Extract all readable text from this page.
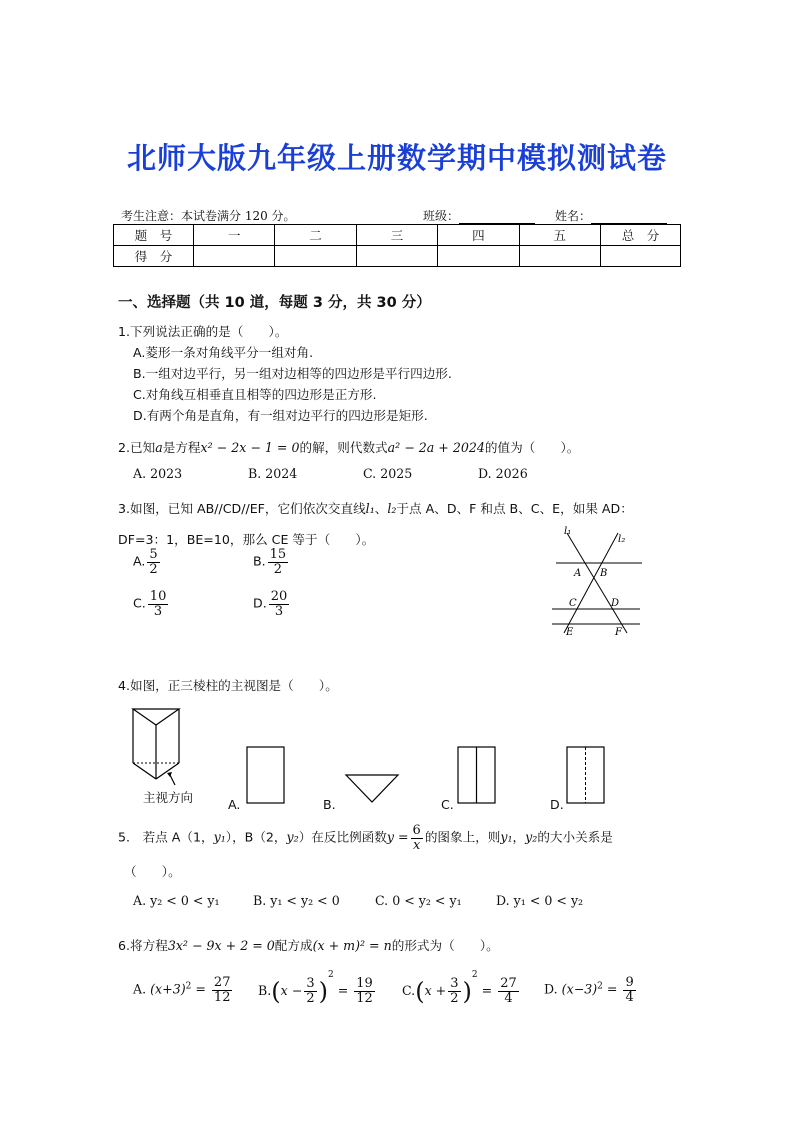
北师大版九年级上册数学期中模拟测试卷
考生注意：本试卷满分 120 分。	班级：	姓名：
题　号	一	二	三	四	五	总　分
得　分						
一、选择题（共 10 道，每题 3 分，共 30 分）
1.下列说法正确的是（　　）。
A.菱形一条对角线平分一组对角.
B.一组对边平行，另一组对边相等的四边形是平行四边形.
C.对角线互相垂直且相等的四边形是正方形.
D.有两个角是直角，有一组对边平行的四边形是矩形.
2.已知a是方程x² − 2x − 1 = 0的解，则代数式a² − 2a + 2024的值为（　　）。
A. 2023	B. 2024	C. 2025	D. 2026
3.如图，已知 AB//CD//EF，它们依次交直线l₁、l₂于点 A、D、F 和点 B、C、E，如果 AD：
DF=3：1，BE=10，那么 CE 等于（　　）。
A. $\frac{5}{2}$	B. $\frac{15}{2}$
C. $\frac{10}{3}$	D. $\frac{20}{3}$
l₁
l₂
A B
C	D
E	F
4.如图，正三棱柱的主视图是（　　）。
主视方向	A.	B.	C.	D.
5.　若点 A（1，y₁），B（2，y₂）在反比例函数$y = \frac{6}{x}$ 的图象上，则y₁，y₂的大小关系是
（　　）。
A. y₂ < 0 < y₁	B. y₁ < y₂ < 0	C. 0 < y₂ < y₁	D. y₁ < 0 < y₂
6.将方程3x² − 9x + 2 = 0配方成(x + m)² = n的形式为（　　）。
A. $(x+3)^2 = \frac{27}{12} B.(x - \frac{3}{2} )^2 = \frac{19}{12} C.(x + \frac{3}{2} )^2 = \frac{27}{4} D$. $(x-3)^2 = \frac{9}{4}$
